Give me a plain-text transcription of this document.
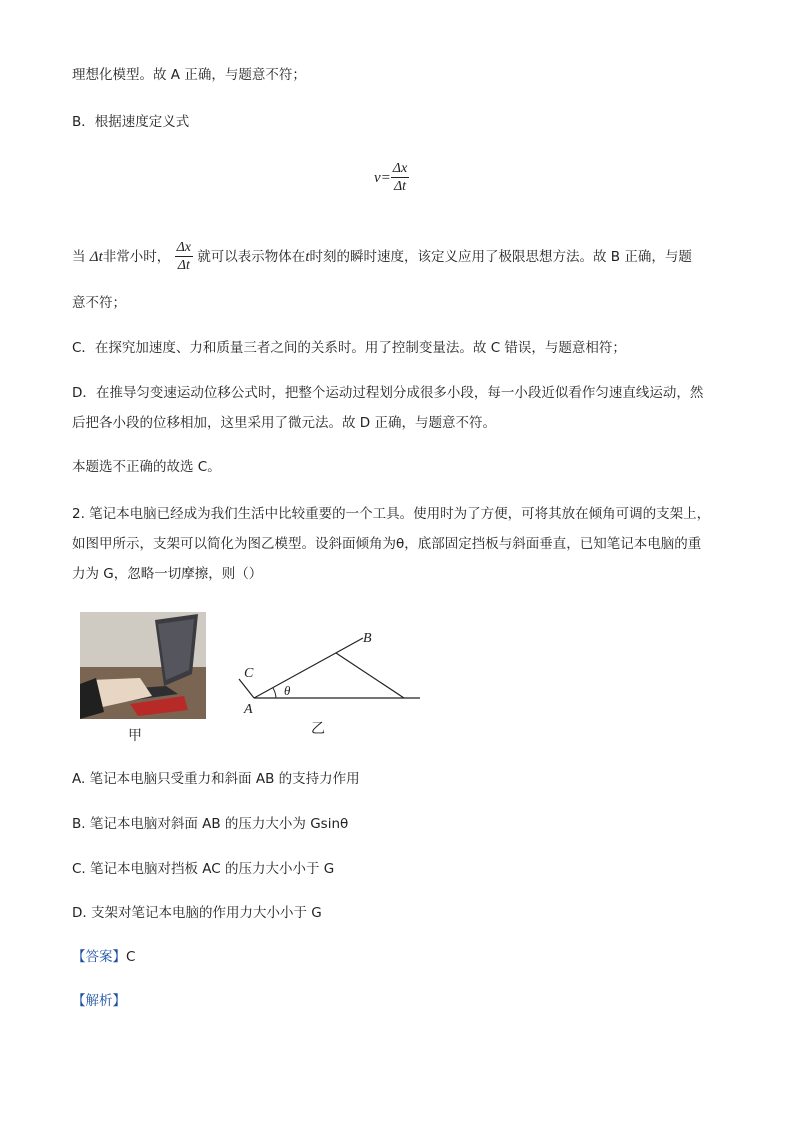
理想化模型。故 A 正确，与题意不符；
B．根据速度定义式
$v= \frac{\Delta x}{\Delta t}$
当 Δt非常小时， $\frac{\Delta x}{\Delta t}$ 就可以表示物体在t时刻的瞬时速度，该定义应用了极限思想方法。故 B 正确，与题
意不符；
C．在探究加速度、力和质量三者之间的关系时。用了控制变量法。故 C 错误，与题意相符；
D．在推导匀变速运动位移公式时，把整个运动过程划分成很多小段，每一小段近似看作匀速直线运动，然
后把各小段的位移相加，这里采用了微元法。故 D 正确，与题意不符。
本题选不正确的故选 C。
2. 笔记本电脑已经成为我们生活中比较重要的一个工具。使用时为了方便，可将其放在倾角可调的支架上，
如图甲所示，支架可以简化为图乙模型。设斜面倾角为θ，底部固定挡板与斜面垂直，已知笔记本电脑的重
力为 G，忽略一切摩擦，则（）
甲
C
A
B
θ
乙
A. 笔记本电脑只受重力和斜面 AB 的支持力作用
B. 笔记本电脑对斜面 AB 的压力大小为 Gsinθ
C. 笔记本电脑对挡板 AC 的压力大小小于 G
D. 支架对笔记本电脑的作用力大小小于 G
【答案】C
【解析】
